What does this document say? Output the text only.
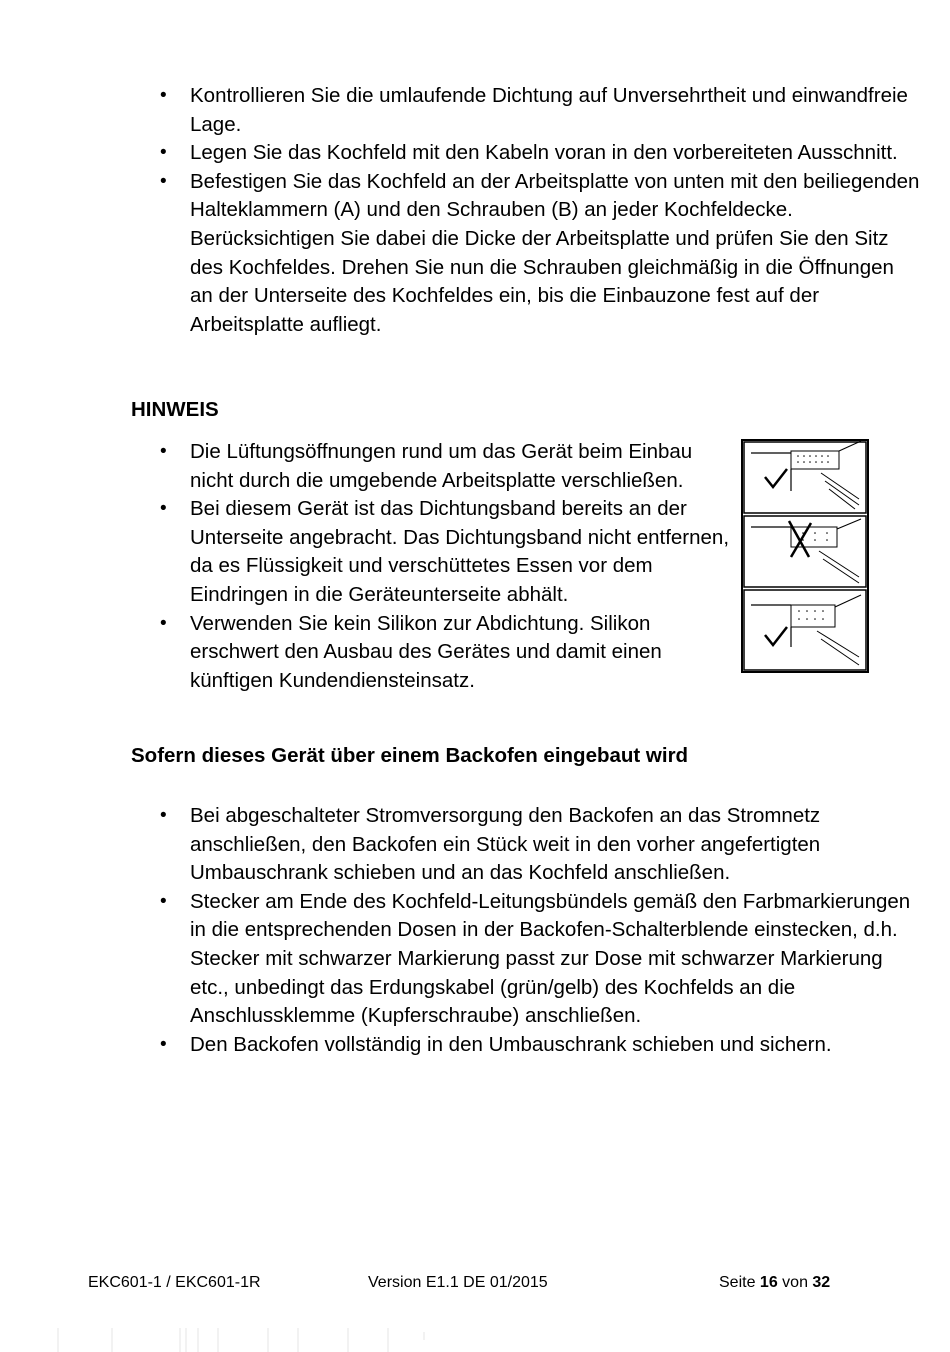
• Kontrollieren Sie die umlaufende Dichtung auf Unversehrtheit und einwandfreie Lage.
• Legen Sie das Kochfeld mit den Kabeln voran in den vorbereiteten Ausschnitt.
• Befestigen Sie das Kochfeld an der Arbeitsplatte von unten mit den beiliegenden Halteklammern (A) und den Schrauben (B) an jeder Kochfeldecke. Berücksichtigen Sie dabei die Dicke der Arbeitsplatte und prüfen Sie den Sitz des Kochfeldes. Drehen Sie nun die Schrauben gleichmäßig in die Öffnungen an der Unterseite des Kochfeldes ein, bis die Einbauzone fest auf der Arbeitsplatte aufliegt.
HINWEIS
• Die Lüftungsöffnungen rund um das Gerät beim Einbau nicht durch die umgebende Arbeitsplatte verschließen.
• Bei diesem Gerät ist das Dichtungsband bereits an der Unterseite angebracht. Das Dichtungsband nicht entfernen, da es Flüssigkeit und verschüttetes Essen vor dem Eindringen in die Geräteunterseite abhält.
• Verwenden Sie kein Silikon zur Abdichtung. Silikon erschwert den Ausbau des Gerätes und damit einen künftigen Kundendiensteinsatz.
Sofern dieses Gerät über einem Backofen eingebaut wird
• Bei abgeschalteter Stromversorgung den Backofen an das Stromnetz anschließen, den Backofen ein Stück weit in den vorher angefertigten Umbauschrank schieben und an das Kochfeld anschließen.
• Stecker am Ende des Kochfeld-Leitungsbündels gemäß den Farbmarkierungen in die entsprechenden Dosen in der Backofen-Schalterblende einstecken, d.h. Stecker mit schwarzer Markierung passt zur Dose mit schwarzer Markierung etc., unbedingt das Erdungskabel (grün/gelb) des Kochfelds an die Anschlussklemme (Kupferschraube) anschließen.
• Den Backofen vollständig in den Umbauschrank schieben und sichern.
EKC601-1 / EKC601-1R	Version E1.1 DE 01/2015	Seite 16 von 32
